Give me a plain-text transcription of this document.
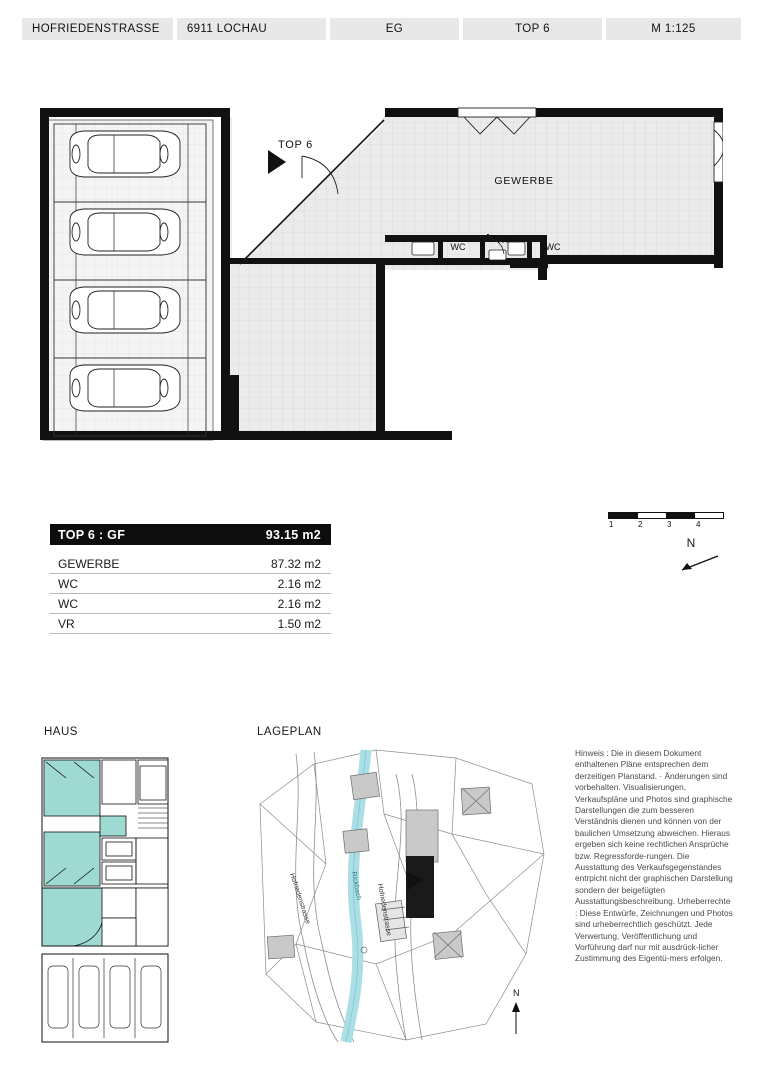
HOFRIEDENSTRASSE	6911 LOCHAU	EG	TOP 6	M 1:125
WC
VR
WC
GEWERBE
TOP 6
TOP 6 : GF	93.15 m2
GEWERBE	87.32 m2
WC	2.16 m2
WC	2.16 m2
VR	1.50 m2
1	2	3	4
N
HAUS	LAGEPLAN
Hofriedenstrasse	Hofriedenstrasse
Rickbach
N
Hinweis : Die in diesem Dokument enthaltenen Pläne entsprechen dem derzeitigen Planstand. · Änderungen sind vorbehalten. Visualisierungen, Verkaufspläne und Photos sind graphische Darstellungen die zum besseren Verständnis dienen und können von der baulichen Umsetzung abweichen. Hieraus ergeben sich keine rechtlichen Ansprüche bzw. Regressforde-rungen. Die Ausstattung des Verkaufsgegenstandes entrpicht nicht der graphischen Darstellung sondern der beigefügten Ausstattungsbeschreibung. Urheberrechte : Diese Entwürfe, Zeichnungen und Photos sind urheberrechtlich geschützt. Jede Verwertung, Veröffentlichung und Vorführung darf nur mit ausdrück-licher Zustimmung des Eigentü-mers erfolgen.
